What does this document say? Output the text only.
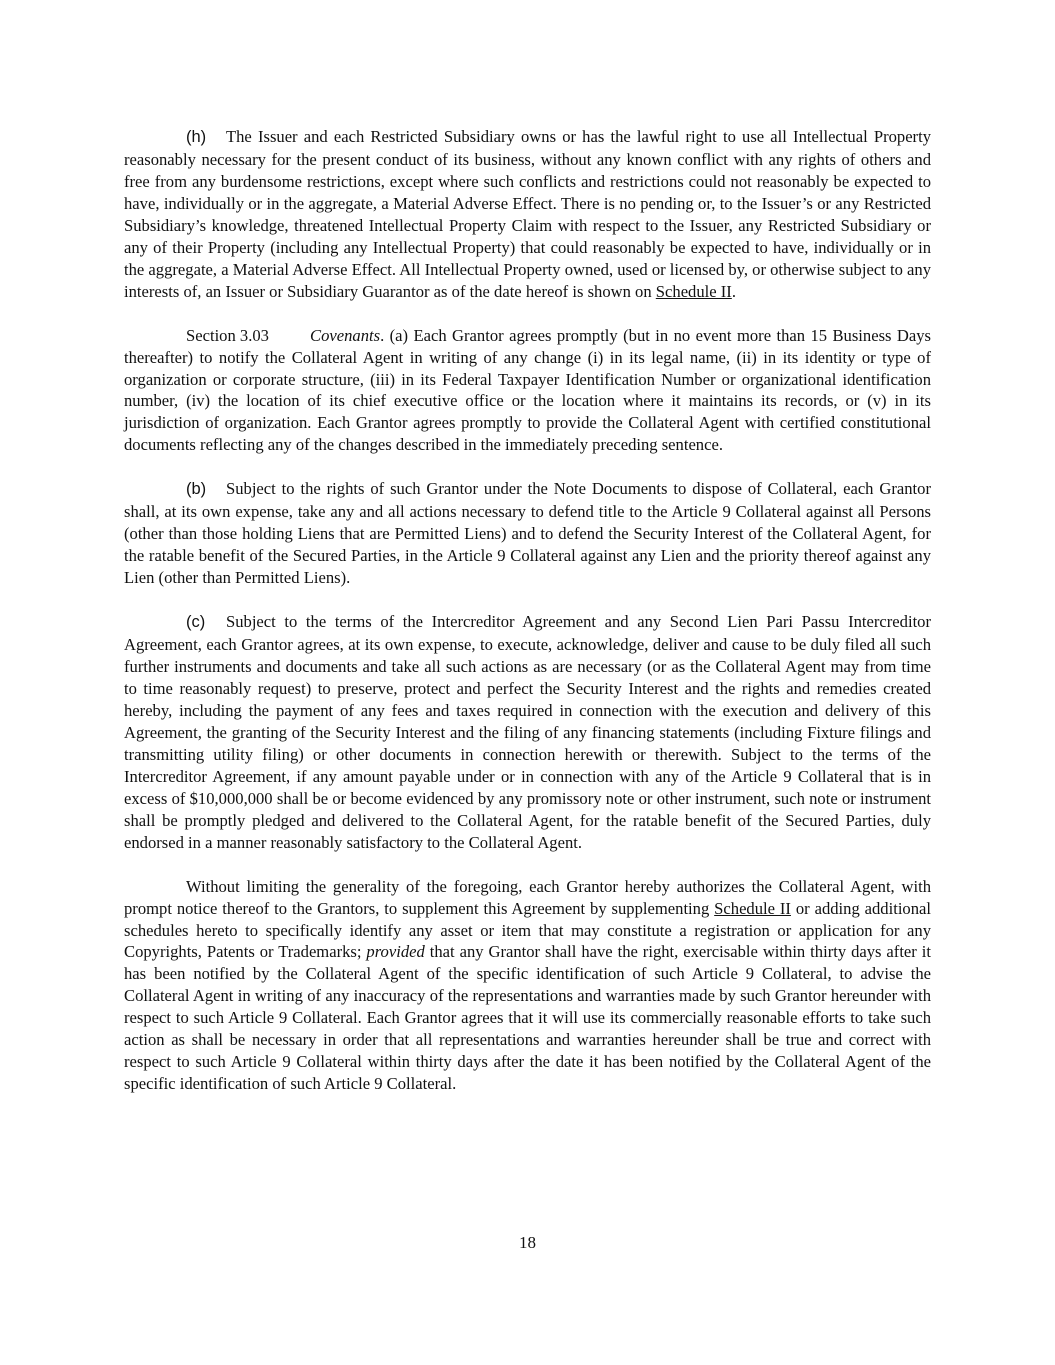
(h) The Issuer and each Restricted Subsidiary owns or has the lawful right to use all Intellectual Property reasonably necessary for the present conduct of its business, without any known conflict with any rights of others and free from any burdensome restrictions, except where such conflicts and restrictions could not reasonably be expected to have, individually or in the aggregate, a Material Adverse Effect. There is no pending or, to the Issuer’s or any Restricted Subsidiary’s knowledge, threatened Intellectual Property Claim with respect to the Issuer, any Restricted Subsidiary or any of their Property (including any Intellectual Property) that could reasonably be expected to have, individually or in the aggregate, a Material Adverse Effect. All Intellectual Property owned, used or licensed by, or otherwise subject to any interests of, an Issuer or Subsidiary Guarantor as of the date hereof is shown on Schedule II.

Section 3.03 Covenants. (a) Each Grantor agrees promptly (but in no event more than 15 Business Days thereafter) to notify the Collateral Agent in writing of any change (i) in its legal name, (ii) in its identity or type of organization or corporate structure, (iii) in its Federal Taxpayer Identification Number or organizational identification number, (iv) the location of its chief executive office or the location where it maintains its records, or (v) in its jurisdiction of organization. Each Grantor agrees promptly to provide the Collateral Agent with certified constitutional documents reflecting any of the changes described in the immediately preceding sentence.

(b) Subject to the rights of such Grantor under the Note Documents to dispose of Collateral, each Grantor shall, at its own expense, take any and all actions necessary to defend title to the Article 9 Collateral against all Persons (other than those holding Liens that are Permitted Liens) and to defend the Security Interest of the Collateral Agent, for the ratable benefit of the Secured Parties, in the Article 9 Collateral against any Lien and the priority thereof against any Lien (other than Permitted Liens).

(c) Subject to the terms of the Intercreditor Agreement and any Second Lien Pari Passu Intercreditor Agreement, each Grantor agrees, at its own expense, to execute, acknowledge, deliver and cause to be duly filed all such further instruments and documents and take all such actions as are necessary (or as the Collateral Agent may from time to time reasonably request) to preserve, protect and perfect the Security Interest and the rights and remedies created hereby, including the payment of any fees and taxes required in connection with the execution and delivery of this Agreement, the granting of the Security Interest and the filing of any financing statements (including Fixture filings and transmitting utility filing) or other documents in connection herewith or therewith. Subject to the terms of the Intercreditor Agreement, if any amount payable under or in connection with any of the Article 9 Collateral that is in excess of $10,000,000 shall be or become evidenced by any promissory note or other instrument, such note or instrument shall be promptly pledged and delivered to the Collateral Agent, for the ratable benefit of the Secured Parties, duly endorsed in a manner reasonably satisfactory to the Collateral Agent.

Without limiting the generality of the foregoing, each Grantor hereby authorizes the Collateral Agent, with prompt notice thereof to the Grantors, to supplement this Agreement by supplementing Schedule II or adding additional schedules hereto to specifically identify any asset or item that may constitute a registration or application for any Copyrights, Patents or Trademarks; provided that any Grantor shall have the right, exercisable within thirty days after it has been notified by the Collateral Agent of the specific identification of such Article 9 Collateral, to advise the Collateral Agent in writing of any inaccuracy of the representations and warranties made by such Grantor hereunder with respect to such Article 9 Collateral. Each Grantor agrees that it will use its commercially reasonable efforts to take such action as shall be necessary in order that all representations and warranties hereunder shall be true and correct with respect to such Article 9 Collateral within thirty days after the date it has been notified by the Collateral Agent of the specific identification of such Article 9 Collateral.

18
